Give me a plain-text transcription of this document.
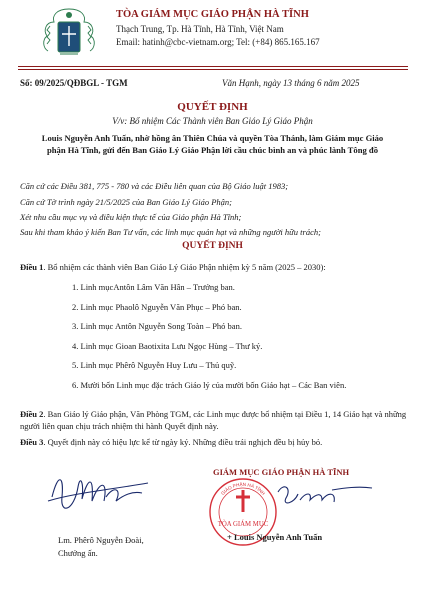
TÒA GIÁM MỤC GIÁO PHẬN HÀ TĨNH
Thạch Trung, Tp. Hà Tĩnh, Hà Tĩnh, Việt Nam
Email: hatinh@cbc-vietnam.org; Tel: (+84) 865.165.167
Số: 09/2025/QĐBGL - TGM	Văn Hạnh, ngày 13 tháng 6 năm 2025
QUYẾT ĐỊNH
V/v: Bổ nhiệm Các Thành viên Ban Giáo Lý Giáo Phận
Louis Nguyễn Anh Tuấn, nhờ hồng ân Thiên Chúa và quyền Tòa Thánh, làm Giám mục Giáo phận Hà Tĩnh, gửi đến Ban Giáo Lý Giáo Phận lời cầu chúc bình an và phúc lành Tông đồ
Căn cứ các Điều 381, 775 - 780 và các Điều liên quan của Bộ Giáo luật 1983;
Căn cứ Tờ trình ngày 21/5/2025 của Ban Giáo Lý Giáo Phận;
Xét nhu cầu mục vụ và điều kiện thực tế của Giáo phận Hà Tĩnh;
Sau khi tham khảo ý kiến Ban Tư vấn, các linh mục quản hạt và những người hữu trách;
QUYẾT ĐỊNH
Điều 1. Bổ nhiệm các thành viên Ban Giáo Lý Giáo Phận nhiệm kỳ 5 năm (2025 – 2030):
1. Linh mụcAntôn Lâm Văn Hân – Trưởng ban.
2. Linh mục Phaolô Nguyễn Văn Phục – Phó ban.
3. Linh mục Antôn Nguyễn Song Toàn – Phó ban.
4. Linh mục Gioan Baotixita Lưu Ngọc Hùng – Thư ký.
5. Linh mục Phêrô Nguyễn Huy Lưu – Thủ quỹ.
6. Mười bốn Linh mục đặc trách Giáo lý của mười bốn Giáo hạt – Các Ban viên.
Điều 2. Ban Giáo lý Giáo phận, Văn Phòng TGM, các Linh mục được bổ nhiệm tại Điều 1, 14 Giáo hạt và những người liên quan chịu trách nhiệm thi hành Quyết định này.
Điều 3. Quyết định này có hiệu lực kể từ ngày ký. Những điều trái nghịch đều bị hủy bỏ.
GIÁM MỤC GIÁO PHẬN HÀ TĨNH
TÒA GIÁM MỤC
GIÁO PHẬN HÀ TĨNH
+ Louis Nguyễn Anh Tuấn
Lm. Phêrô Nguyễn Đoài,
Chưởng ấn.
